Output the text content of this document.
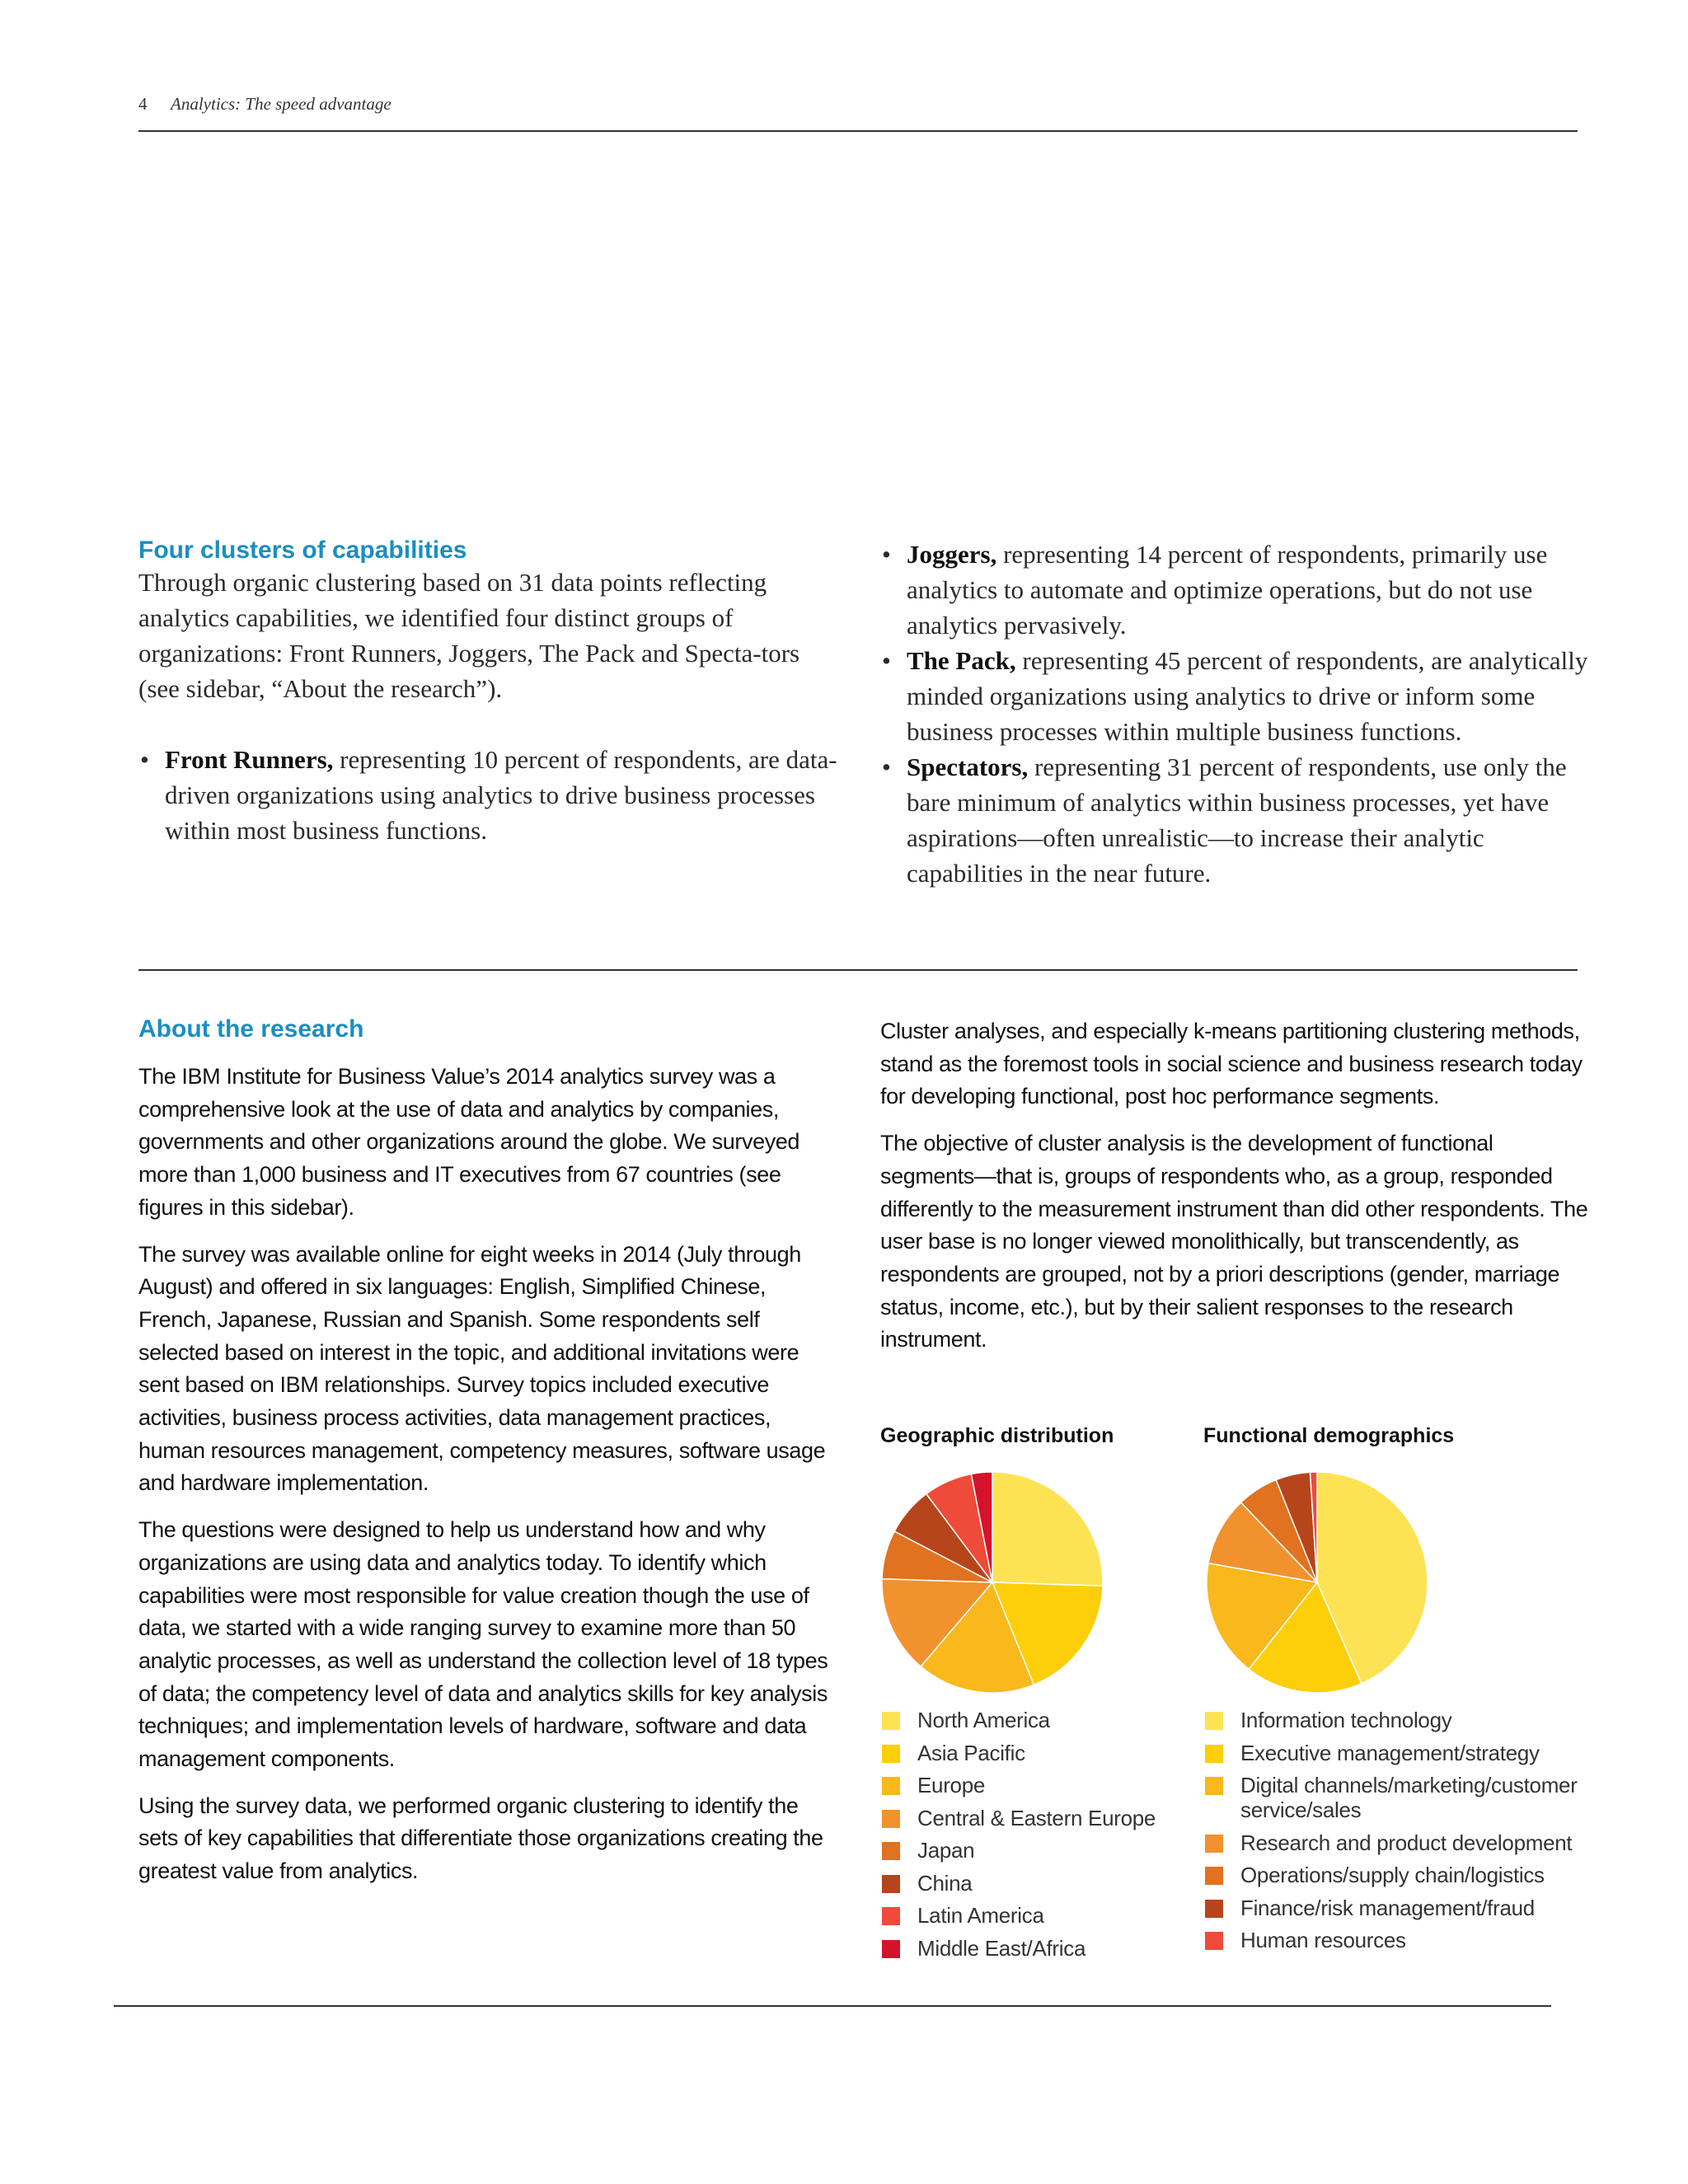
4 Analytics: The speed advantage
Four clusters of capabilities

Through organic clustering based on 31 data points reflecting analytics capabilities, we identified four distinct groups of organizations: Front Runners, Joggers, The Pack and Specta-tors (see sidebar, “About the research”).

• Front Runners, representing 10 percent of respondents, are data-driven organizations using analytics to drive business processes within most business functions.
• Joggers, representing 14 percent of respondents, primarily use analytics to automate and optimize operations, but do not use analytics pervasively.
• The Pack, representing 45 percent of respondents, are analytically minded organizations using analytics to drive or inform some business processes within multiple business functions.
• Spectators, representing 31 percent of respondents, use only the bare minimum of analytics within business processes, yet have aspirations—often unrealistic—to increase their analytic capabilities in the near future.
About the research

The IBM Institute for Business Value’s 2014 analytics survey was a comprehensive look at the use of data and analytics by companies, governments and other organizations around the globe. We surveyed more than 1,000 business and IT executives from 67 countries (see figures in this sidebar).

The survey was available online for eight weeks in 2014 (July through August) and offered in six languages: English, Simplified Chinese, French, Japanese, Russian and Spanish. Some respondents self selected based on interest in the topic, and additional invitations were sent based on IBM relationships. Survey topics included executive activities, business process activities, data management practices, human resources management, competency measures, software usage and hardware implementation.

The questions were designed to help us understand how and why organizations are using data and analytics today. To identify which capabilities were most responsible for value creation though the use of data, we started with a wide ranging survey to examine more than 50 analytic processes, as well as understand the collection level of 18 types of data; the competency level of data and analytics skills for key analysis techniques; and implementation levels of hardware, software and data management components.

Using the survey data, we performed organic clustering to identify the sets of key capabilities that differentiate those organizations creating the greatest value from analytics.

Cluster analyses, and especially k-means partitioning clustering methods, stand as the foremost tools in social science and business research today for developing functional, post hoc performance segments.

The objective of cluster analysis is the development of functional segments—that is, groups of respondents who, as a group, responded differently to the measurement instrument than did other respondents. The user base is no longer viewed monolithically, but transcendently, as respondents are grouped, not by a priori descriptions (gender, marriage status, income, etc.), but by their salient responses to the research instrument.

Geographic distribution	Functional demographics
North America
Asia Pacific
Europe
Central & Eastern Europe
Japan
China
Latin America
Middle East/Africa
Information technology
Executive management/strategy
Digital channels/marketing/customer service/sales
Research and product development
Operations/supply chain/logistics
Finance/risk management/fraud
Human resources
